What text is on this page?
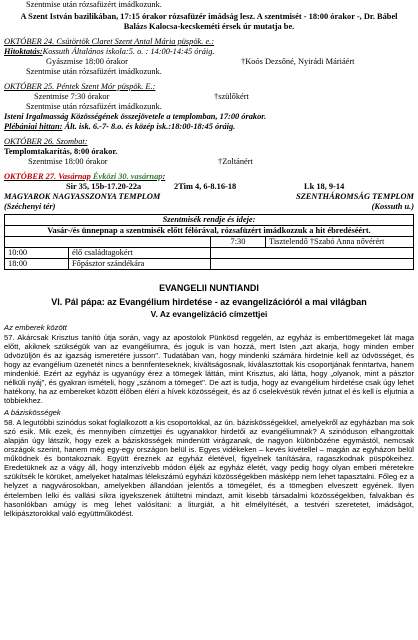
Szentmise után rózsafüzért imádkozunk.
A Szent István bazilikában, 17:15 órakor rózsafüzér imádság lesz. A szentmisét - 18:00 órakor -, Dr. Bábel Balázs Kalocsa-kecskeméti érsek úr mutatja be.
OKTÓBER 24. Csütörtök Claret Szent Antal Mária püspök. e.:
Hitoktatás:Kossuth Általános iskola:5. o. : 14:00-14:45 óráig.
Gyászmise 18:00 órakor	†Koós Dezsőné, Nyirádi Máriáért
Szentmise után rózsafüzért imádkozunk.
OKTÓBER 25. Péntek Szent Mór püspök. E.:
Szentmise 7:30 órakor	†szülőkért
Szentmise után rózsafüzért imádkozunk.
Isteni Irgalmasság Közösségének összejövetele a templomban, 17:00 órakor.
Plébániai hittan: Ált. isk. 6.-7- 8.o. és közép isk.:18:00-18:45 óráig.
OKTÓBER 26. Szombat:
Templomtakarítás, 8:00 órakor.
Szentmise 18:00 órakor	†Zoltánért
OKTÓBER 27. Vasárnap Évközi 30. vasárnap:
Sir 35, 15b-17.20-22a	2Tim 4, 6-8.16-18	Lk 18, 9-14
MAGYAROK NAGYASSZONYA TEMPLOM	SZENTHÁROMSÁG TEMPLOM
(Széchenyi tér)	(Kossuth u.)
Szentmisék rendje és ideje:			
Vasár-/és ünnepnap a szentmisék előtt félórával, rózsafüzért imádkozzuk a hit ébredéséért.			
		7:30	Tisztelendő †Szabó Anna nővérért
10:00	élő családtagokért		
18:00	Főpásztor szándékára		
EVANGELII NUNTIANDI
VI. Pál pápa: az Evangélium hirdetése - az evangelizációról a mai világban
V. Az evangelizáció címzettjei
Az emberek között
57. Akárcsak Krisztus tanító útja során, vagy az apostolok Pünkösd reggelén, az egyház is embertömegeket lát maga előtt, akiknek szükségük van az evangéliumra, és joguk is van hozzá, mert Isten „azt akarja, hogy minden ember üdvözüljön és az igazság ismeretére jusson". Tudatában van, hogy mindenki számára hirdetnie kell az üdvösséget, és hogy az evangélium üzenetét nincs a bennfenteseknek, kiváltságosnak, kiválasztottak kis csoportjának fenntartva, hanem mindenkié. Ezért az egyház is ugyanúgy érez a tömegek láttán, mint Krisztus, aki látta, hogy „olyanok, mint a pásztor nélküli nyáj", és gyakran ismételi, hogy „szánom a tömeget". De azt is tudja, hogy az evangélium hirdetése csak úgy lehet hatékony, ha az embereket között élőben éléri a hívek közösségeit, és az ő cselekvésük révén jutnat el és kell is eljutnia a többiekhez.
A báziskösségek
58. A legutóbbi szinódus sokat foglalkozott a kis csoportokkal, az ún. báziskösségekkel, amelyekről az egyházban ma sok szó esik. Mik ezek, és mennyiben címzettjei és ugyanakkor hirdetői az evangéliumnak? A szinóduson elhangzottak alapján úgy látszik, hogy ezek a báziskösségek mindenütt virágzanak, de nagyon különbözéne egymástól, nemcsak országok szerint, hanem még egy-egy országon belül is. Egyes vidékeken – kevés kivétellel – magán az egyházon belül működnek és bontakoznak. Együtt éreznek az egyház életével, figyelnek tanítására, ragaszkodnak püspökeihez. Eredetüknek az a vágy áll, hogy intenzívebb módon éljék az egyház életét, vagy pedig hogy olyan emberi méretekre szükítsék le körüket, amelyeket hatalmas lélekszámú egyházi közösségekben másképp nem lehet tapasztalni. Főleg ez a helyzet a nagyvárosokban, amelyekben állandóan jelentős a tömegélet, és a tömegben elveszett egyének. Ilyen értelemben lelki és vallási síkra igyekszenek átültetni mindazt, amit kisebb társadalmi közösségekben, falvakban és hasonlókban amúgy is meg lehet valósítani: a liturgiát, a hit elmélyítését, a testvéri szeretetet, imádságot, lelkipásztorokkal való együttműködést.
